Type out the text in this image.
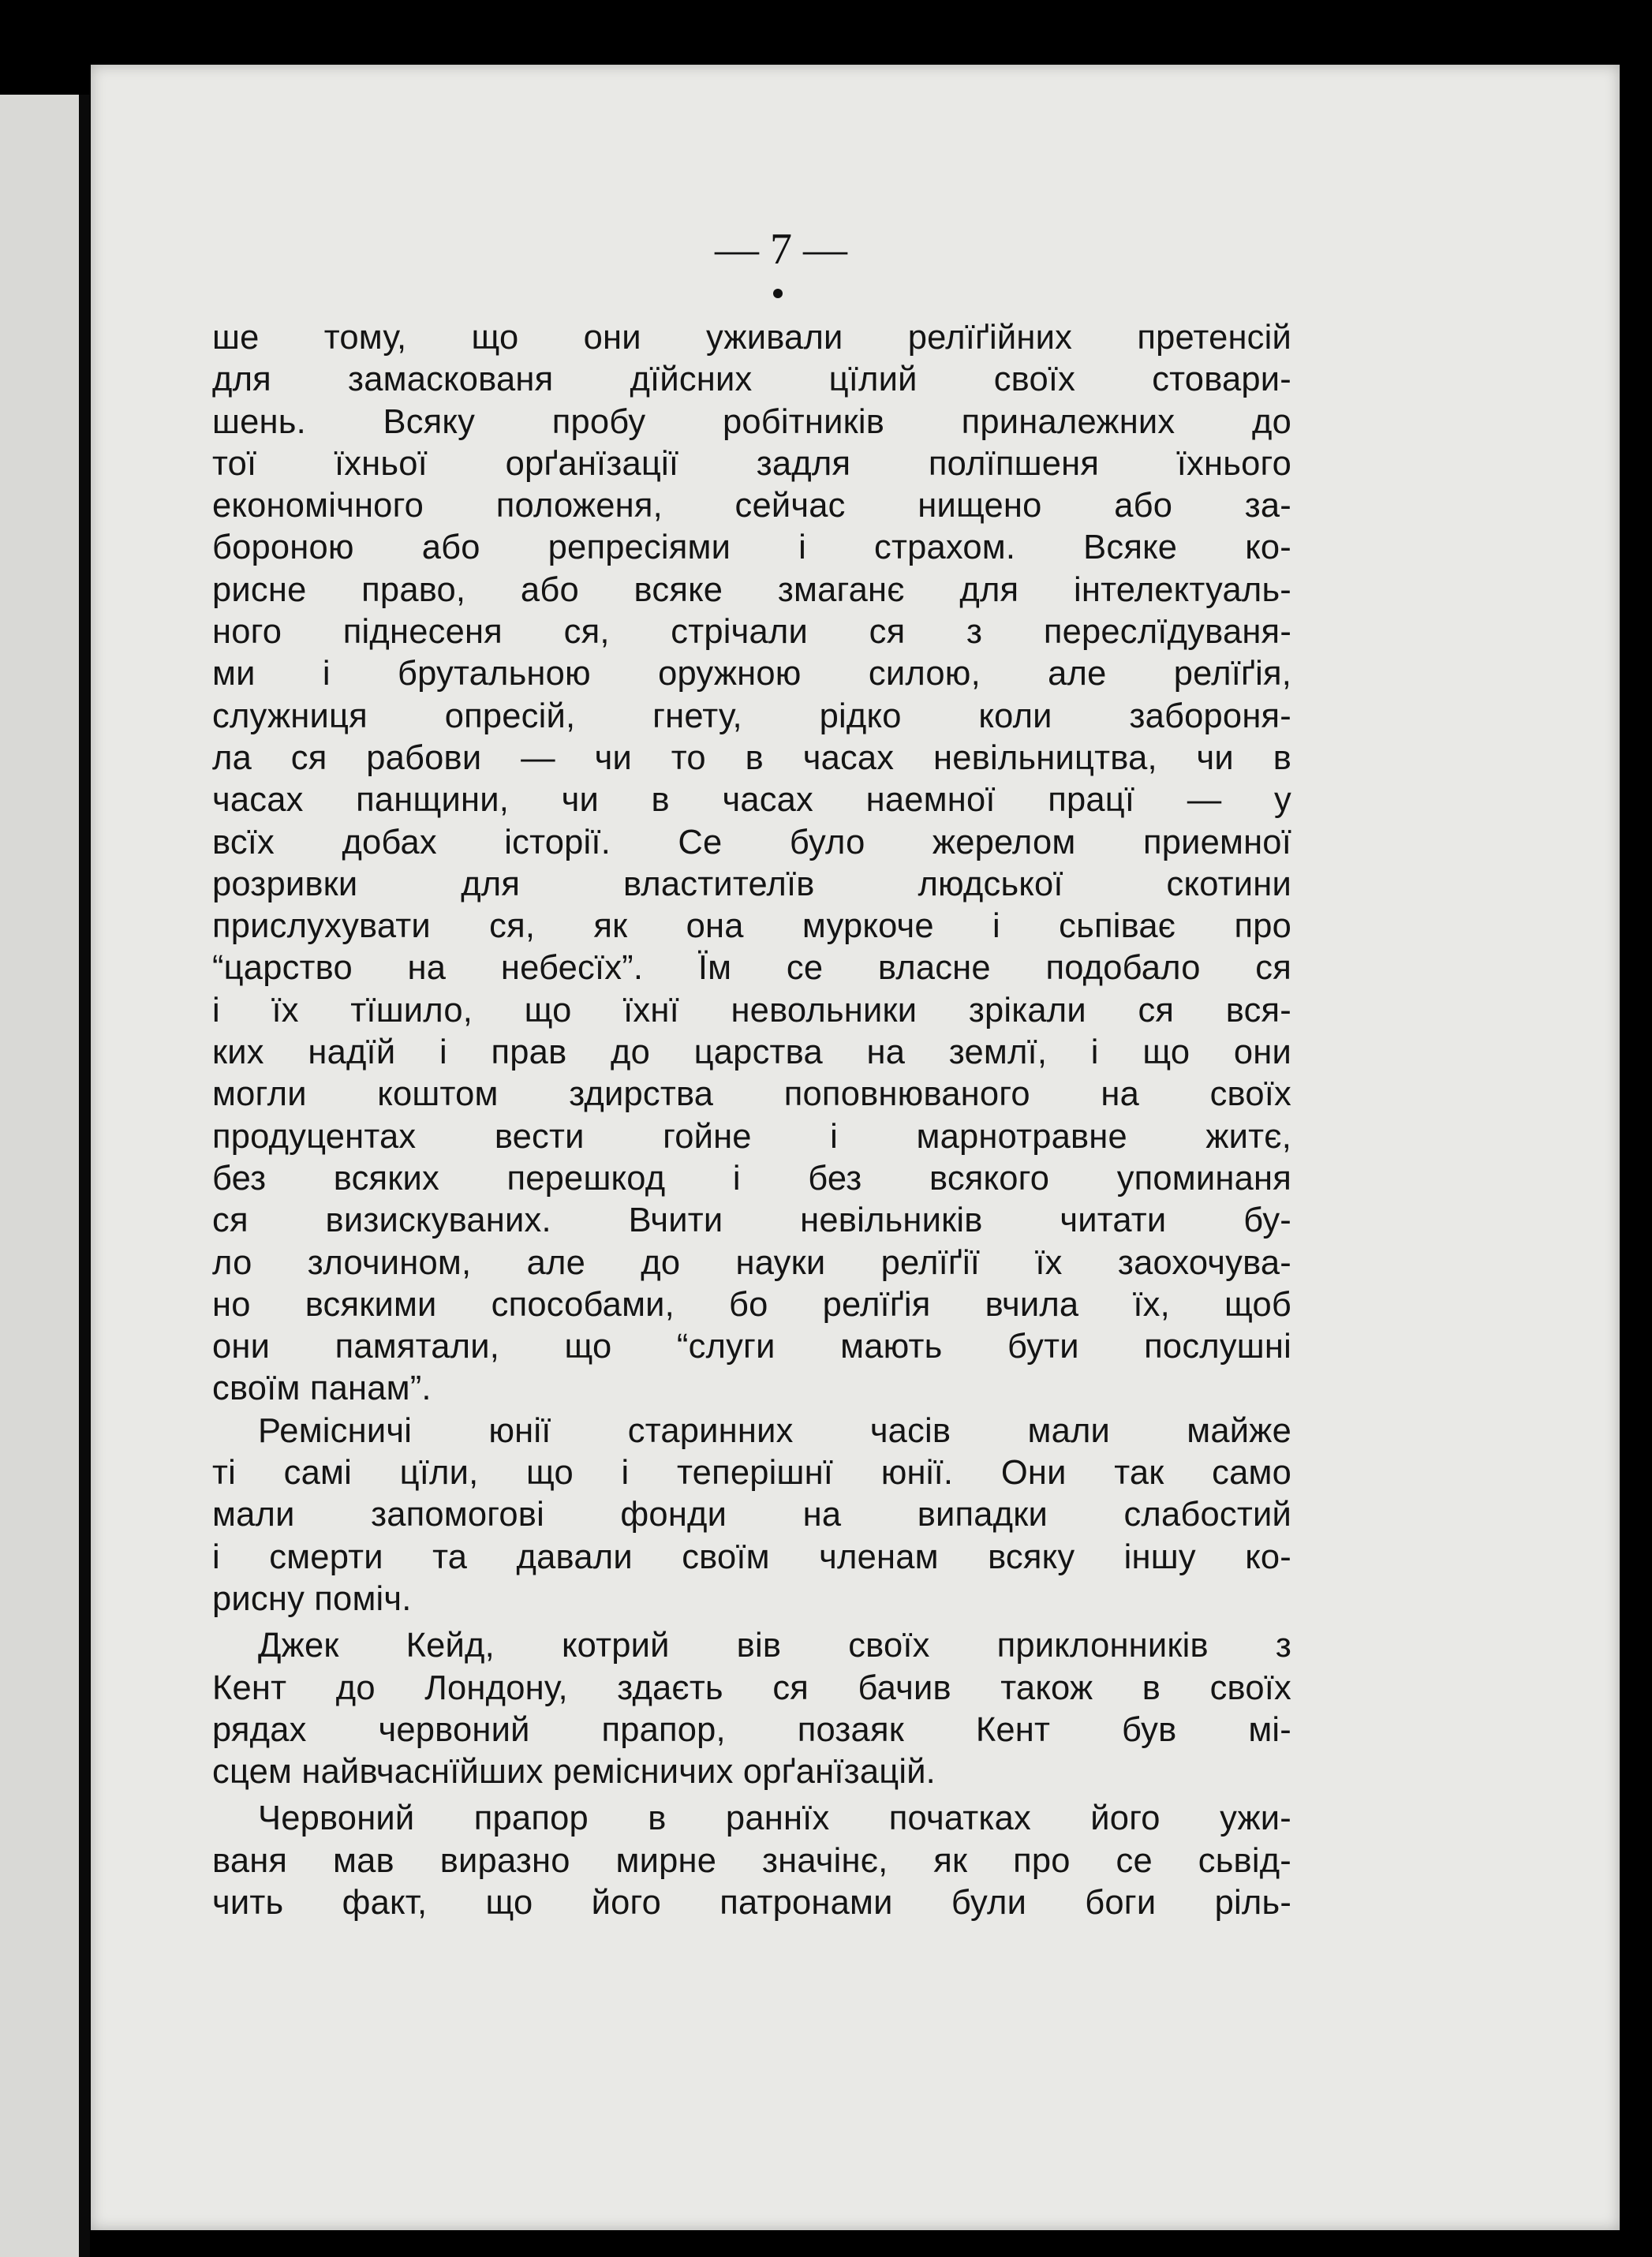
— 7 —
ше тому, що они уживали релїґійних претенсій
для замаскованя дїйсних цїлий своїх стовари-
шень. Всяку пробу робітників приналежних до
тої їхньої орґанїзації задля полїпшеня їхнього
економічного положеня, сейчас нищено або за-
бороною або репресіями і страхом. Всяке ко-
рисне право, або всяке змаганє для інтелектуаль-
ного піднесеня ся, стрічали ся з переслїдуваня-
ми і брутальною оружною силою, але релїґія,
служниця опресій, гнету, рідко коли забороня-
ла ся рабови — чи то в часах невільництва, чи в
часах панщини, чи в часах наемної працї — у
всїх добах історії. Се було жерелом приемної
розривки для властителїв людської скотини
прислухувати ся, як она муркоче і сьпіває про
“царство на небесїх”. Їм се власне подобало ся
і їх тїшило, що їхнї невольники зрікали ся вся-
ких надїй і прав до царства на землї, і що они
могли коштом здирства поповнюваного на своїх
продуцентах вести гойне і марнотравне житє,
без всяких перешкод і без всякого упоминаня
ся визискуваних. Вчити невільників читати бу-
ло злочином, але до науки релїґії їх заохочува-
но всякими способами, бо релїґія вчила їх, щоб
они памятали, що “слуги мають бути послушні
своїм панам”.
Ремісничі юнії старинних часів мали майже
ті самі цїли, що і теперішнї юнії. Они так само
мали запомогові фонди на випадки слабостий
і смерти та давали своїм членам всяку іншу ко-
рисну поміч.
Джек Кейд, котрий вів своїх приклонників з
Кент до Лондону, здаєть ся бачив також в своїх
рядах червоний прапор, позаяк Кент був мі-
сцем найвчаснїйших ремісничих орґанїзацій.
Червоний прапор в раннїх початках його ужи-
ваня мав виразно мирне значінє, як про се сьвід-
чить факт, що його патронами були боги ріль-
